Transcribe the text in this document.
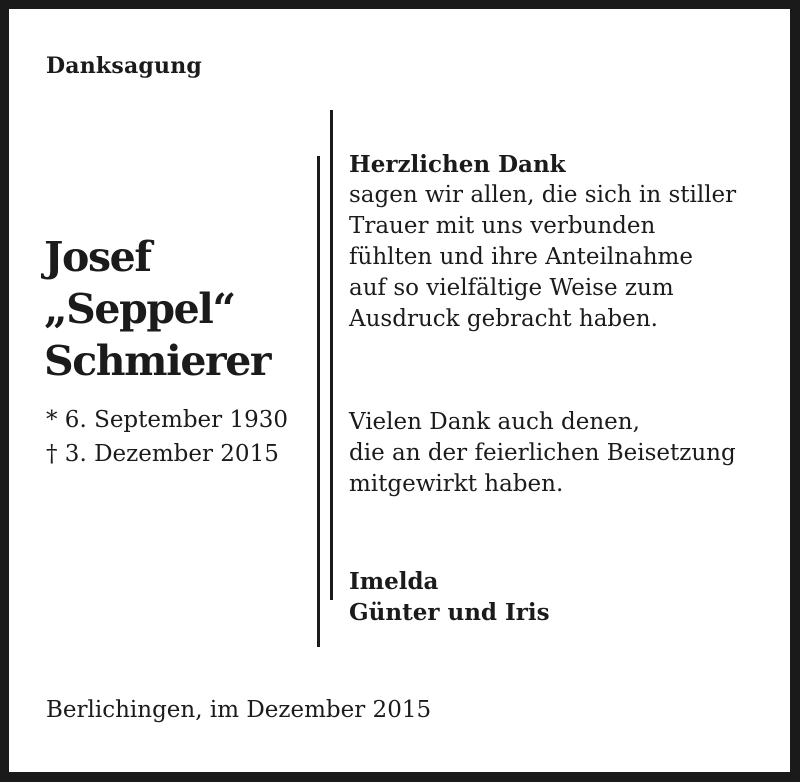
Danksagung
Josef
„Seppel“
Schmierer
* 6. September 1930
† 3. Dezember 2015
Herzlichen Dank
sagen wir allen, die sich in stiller
Trauer mit uns verbunden
fühlten und ihre Anteilnahme
auf so vielfältige Weise zum
Ausdruck gebracht haben.
Vielen Dank auch denen,
die an der feierlichen Beisetzung
mitgewirkt haben.
Imelda
Günter und Iris
Berlichingen, im Dezember 2015
